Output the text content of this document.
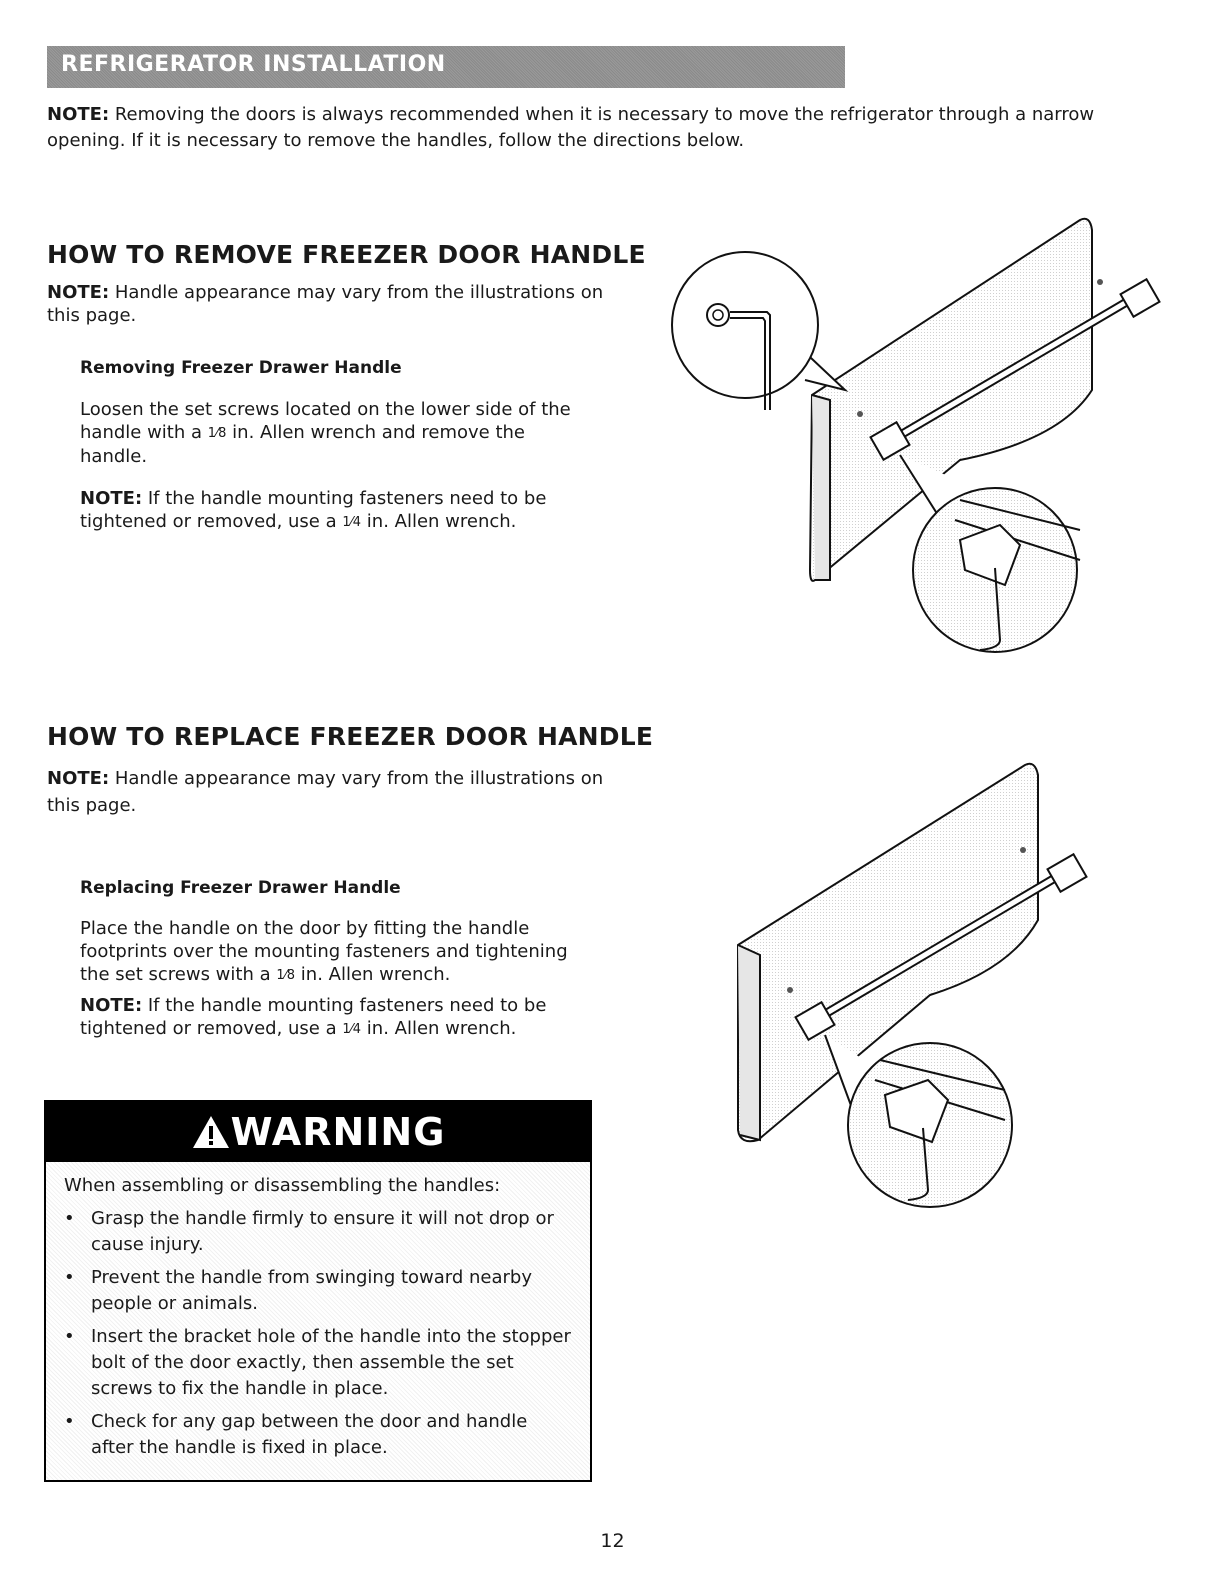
REFRIGERATOR INSTALLATION

NOTE: Removing the doors is always recommended when it is necessary to move the refrigerator through a narrow opening. If it is necessary to remove the handles, follow the directions below.

HOW TO REMOVE FREEZER DOOR HANDLE

NOTE: Handle appearance may vary from the illustrations on this page.

Removing Freezer Drawer Handle

Loosen the set screws located on the lower side of the handle with a 1⁄8 in. Allen wrench and remove the handle.

NOTE: If the handle mounting fasteners need to be tightened or removed, use a 1⁄4 in. Allen wrench.

HOW TO REPLACE FREEZER DOOR HANDLE

NOTE: Handle appearance may vary from the illustrations on this page.

Replacing Freezer Drawer Handle

Place the handle on the door by fitting the handle footprints over the mounting fasteners and tightening the set screws with a 1⁄8 in. Allen wrench.

NOTE: If the handle mounting fasteners need to be tightened or removed, use a 1⁄4 in. Allen wrench.

WARNING

When assembling or disassembling the handles:

• Grasp the handle firmly to ensure it will not drop or cause injury.
• Prevent the handle from swinging toward nearby people or animals.
• Insert the bracket hole of the handle into the stopper bolt of the door exactly, then assemble the set screws to fix the handle in place.
• Check for any gap between the door and handle after the handle is fixed in place.
12
